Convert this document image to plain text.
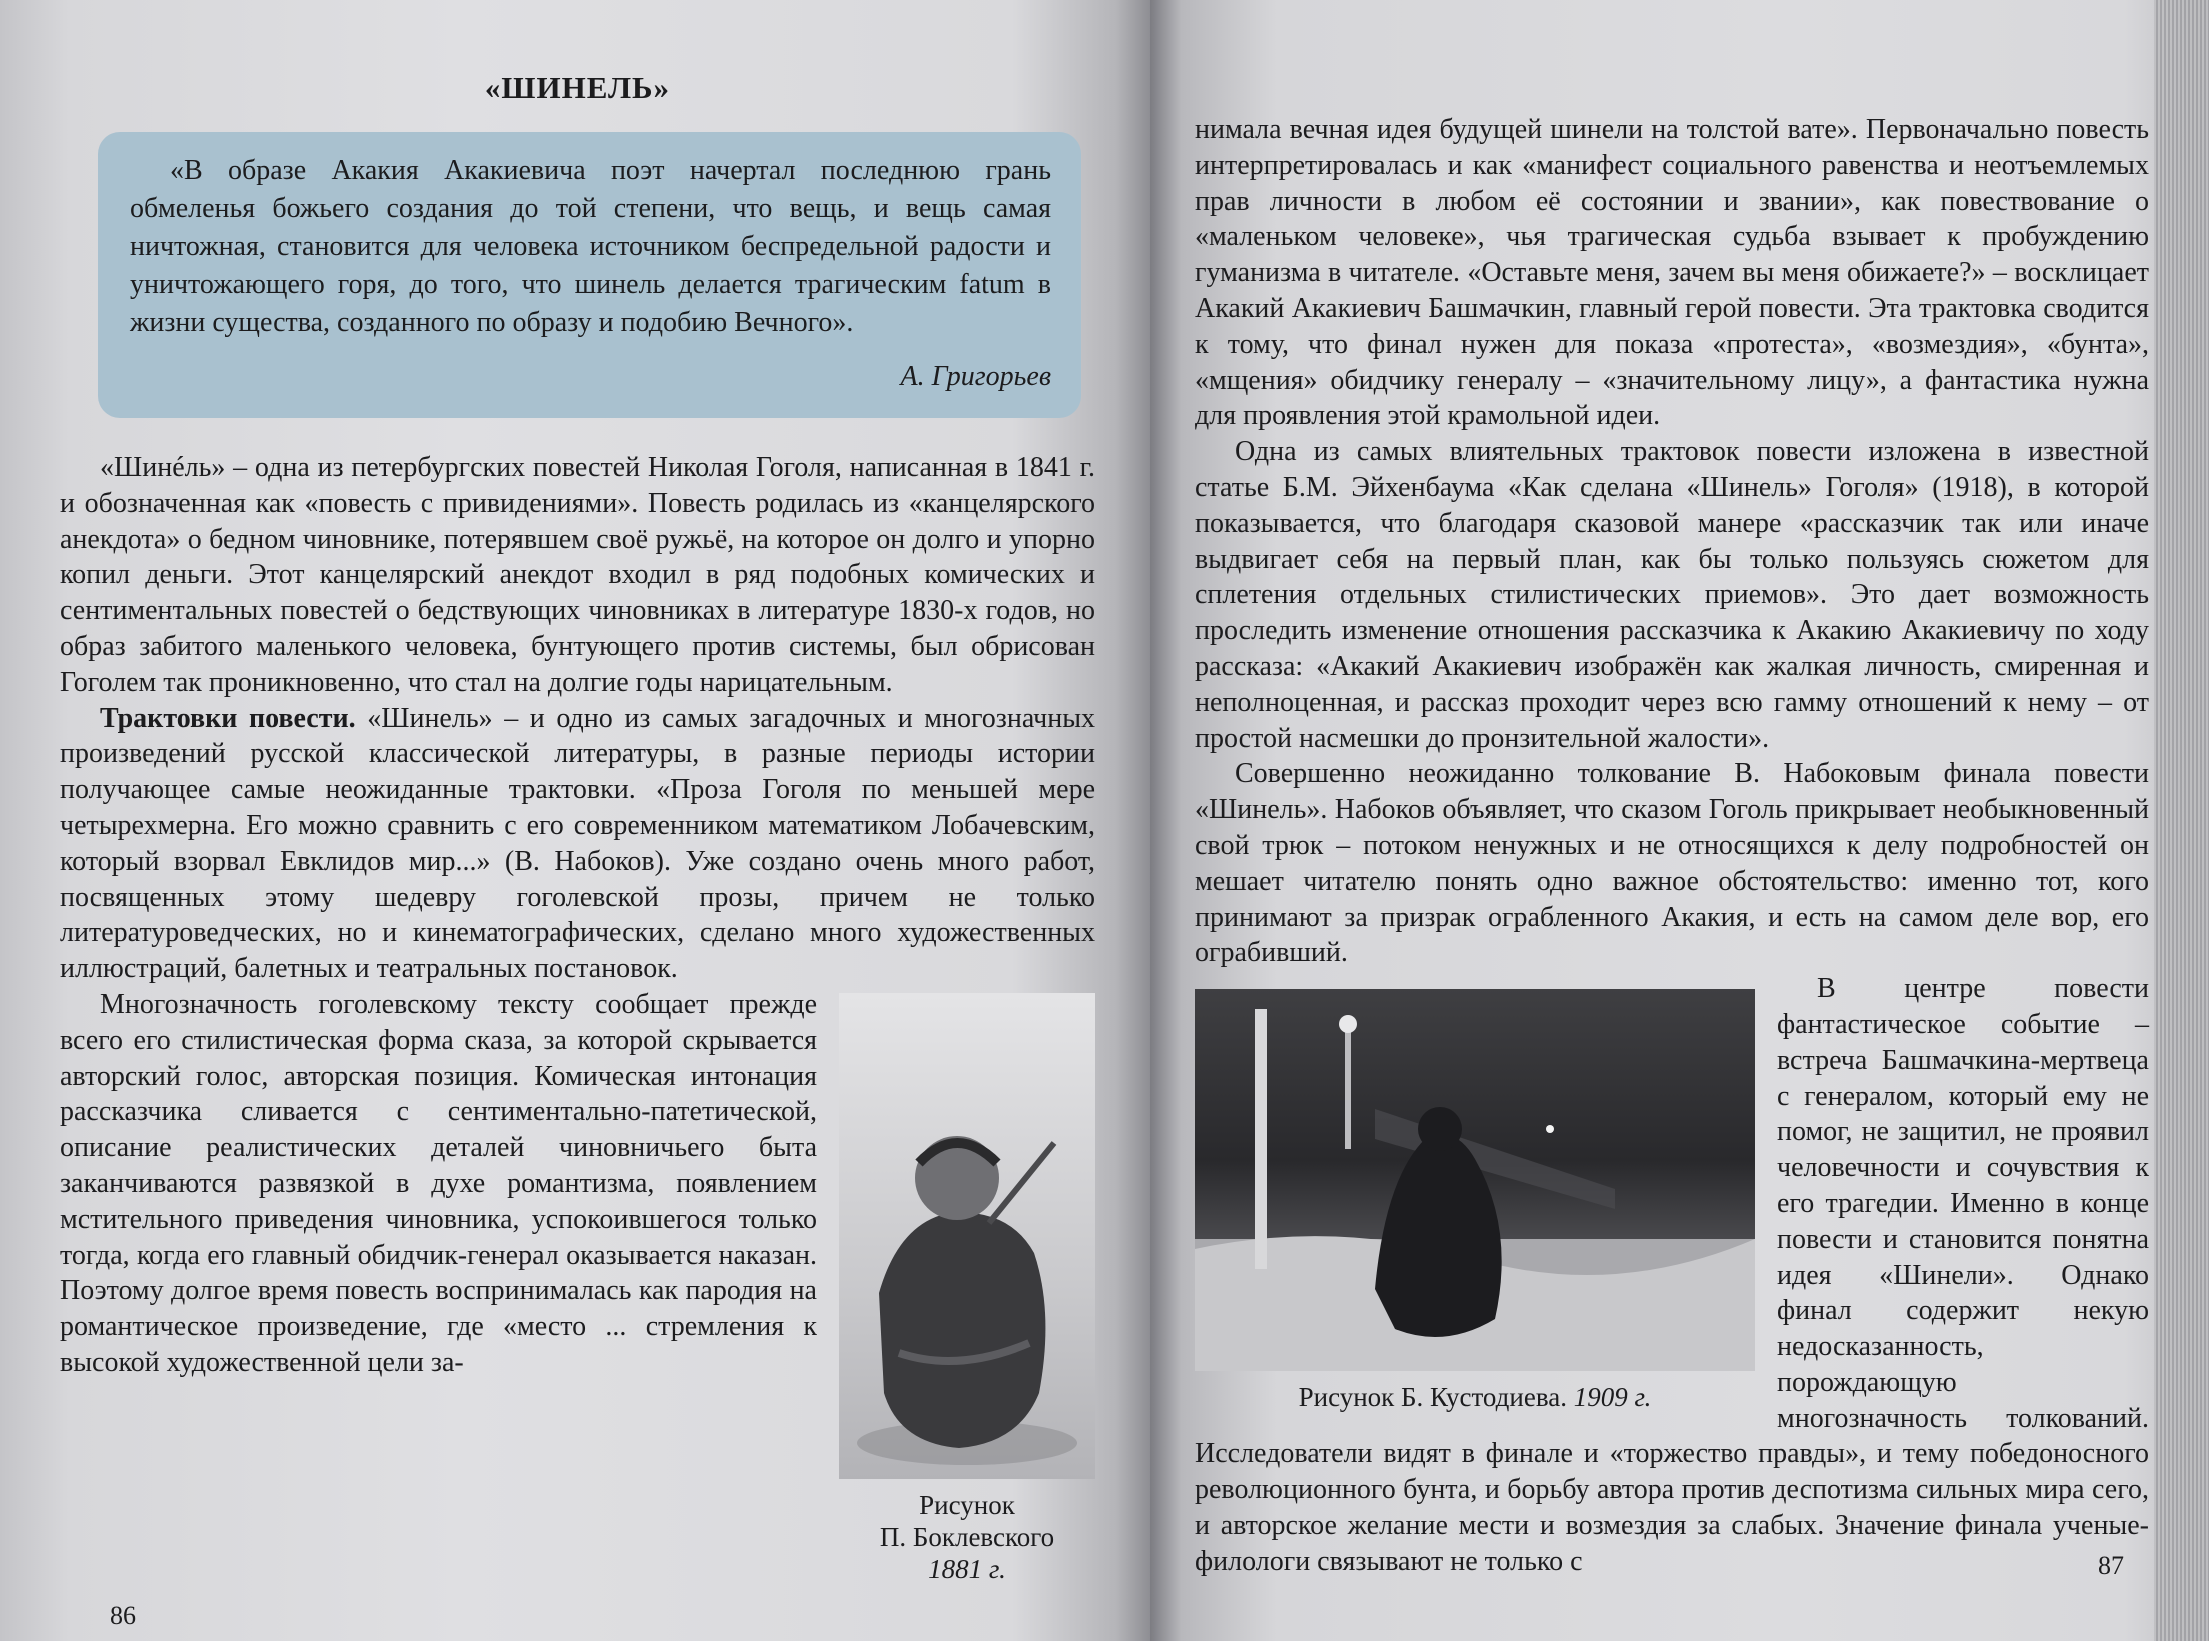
«ШИНЕЛЬ»

«В образе Акакия Акакиевича поэт начертал последнюю грань обмеленья божьего создания до той степени, что вещь, и вещь самая ничтожная, становится для человека источником беспредельной радости и уничтожающего горя, до того, что шинель делается трагическим fatum в жизни существа, созданного по образу и подобию Вечного».

А. Григорьев

«Шинéль» – одна из петербургских повестей Николая Гоголя, написанная в 1841 г. и обозначенная как «повесть с привидениями». Повесть родилась из «канцелярского анекдота» о бедном чиновнике, потерявшем своё ружьё, на которое он долго и упорно копил деньги. Этот канцелярский анекдот входил в ряд подобных комических и сентиментальных повестей о бедствующих чиновниках в литературе 1830-х годов, но образ забитого маленького человека, бунтующего против системы, был обрисован Гоголем так проникновенно, что стал на долгие годы нарицательным.

Трактовки повести. «Шинель» – и одно из самых загадочных и многозначных произведений русской классической литературы, в разные периоды истории получающее самые неожиданные трактовки. «Проза Гоголя по меньшей мере четырехмерна. Его можно сравнить с его современником математиком Лобачевским, который взорвал Евклидов мир...» (В. Набоков). Уже создано очень много работ, посвященных этому шедевру гоголевской прозы, причем не только литературоведческих, но и кинематографических, сделано много художественных иллюстраций, балетных и театральных постановок.

Рисунок
П. Боклевского
1881 г.

Многозначность гоголевскому тексту сообщает прежде всего его стилистическая форма сказа, за которой скрывается авторский голос, авторская позиция. Комическая интонация рассказчика сливается с сентиментально-патетической, описание реалистических деталей чиновничьего быта заканчиваются развязкой в духе романтизма, появлением мстительного приведения чиновника, успокоившегося только тогда, когда его главный обидчик-генерал оказывается наказан. Поэтому долгое время повесть воспринималась как пародия на романтическое произведение, где «место ... стремления к высокой художественной цели за-

86

нимала вечная идея будущей шинели на толстой вате». Первоначально повесть интерпретировалась и как «манифест социального равенства и неотъемлемых прав личности в любом её состоянии и звании», как повествование о «маленьком человеке», чья трагическая судьба взывает к пробуждению гуманизма в читателе. «Оставьте меня, зачем вы меня обижаете?» – восклицает Акакий Акакиевич Башмачкин, главный герой повести. Эта трактовка сводится к тому, что финал нужен для показа «протеста», «возмездия», «бунта», «мщения» обидчику генералу – «значительному лицу», а фантастика нужна для проявления этой крамольной идеи.

Одна из самых влиятельных трактовок повести изложена в известной статье Б.М. Эйхенбаума «Как сделана «Шинель» Гоголя» (1918), в которой показывается, что благодаря сказовой манере «рассказчик так или иначе выдвигает себя на первый план, как бы только пользуясь сюжетом для сплетения отдельных стилистических приемов». Это дает возможность проследить изменение отношения рассказчика к Акакию Акакиевичу по ходу рассказа: «Акакий Акакиевич изображён как жалкая личность, смиренная и неполноценная, и рассказ проходит через всю гамму отношений к нему – от простой насмешки до пронзительной жалости».

Совершенно неожиданно толкование В. Набоковым финала повести «Шинель». Набоков объявляет, что сказом Гоголь прикрывает необыкновенный свой трюк – потоком ненужных и не относящихся к делу подробностей он мешает читателю понять одно важное обстоятельство: именно тот, кого принимают за призрак ограбленного Акакия, и есть на самом деле вор, его ограбивший.

Рисунок Б. Кустодиева. 1909 г.

В центре повести фантастическое событие – встреча Башмачкина-мертвеца с генералом, который ему не помог, не защитил, не проявил человечности и сочувствия к его трагедии. Именно в конце повести и становится понятна идея «Шинели». Однако финал содержит некую недосказанность, порождающую многозначность толкований. Исследователи видят в финале и «торжество правды», и тему победоносного революционного бунта, и борьбу автора против деспотизма сильных мира сего, и авторское желание мести и возмездия за слабых. Значение финала ученые-филологи связывают не только с	87
